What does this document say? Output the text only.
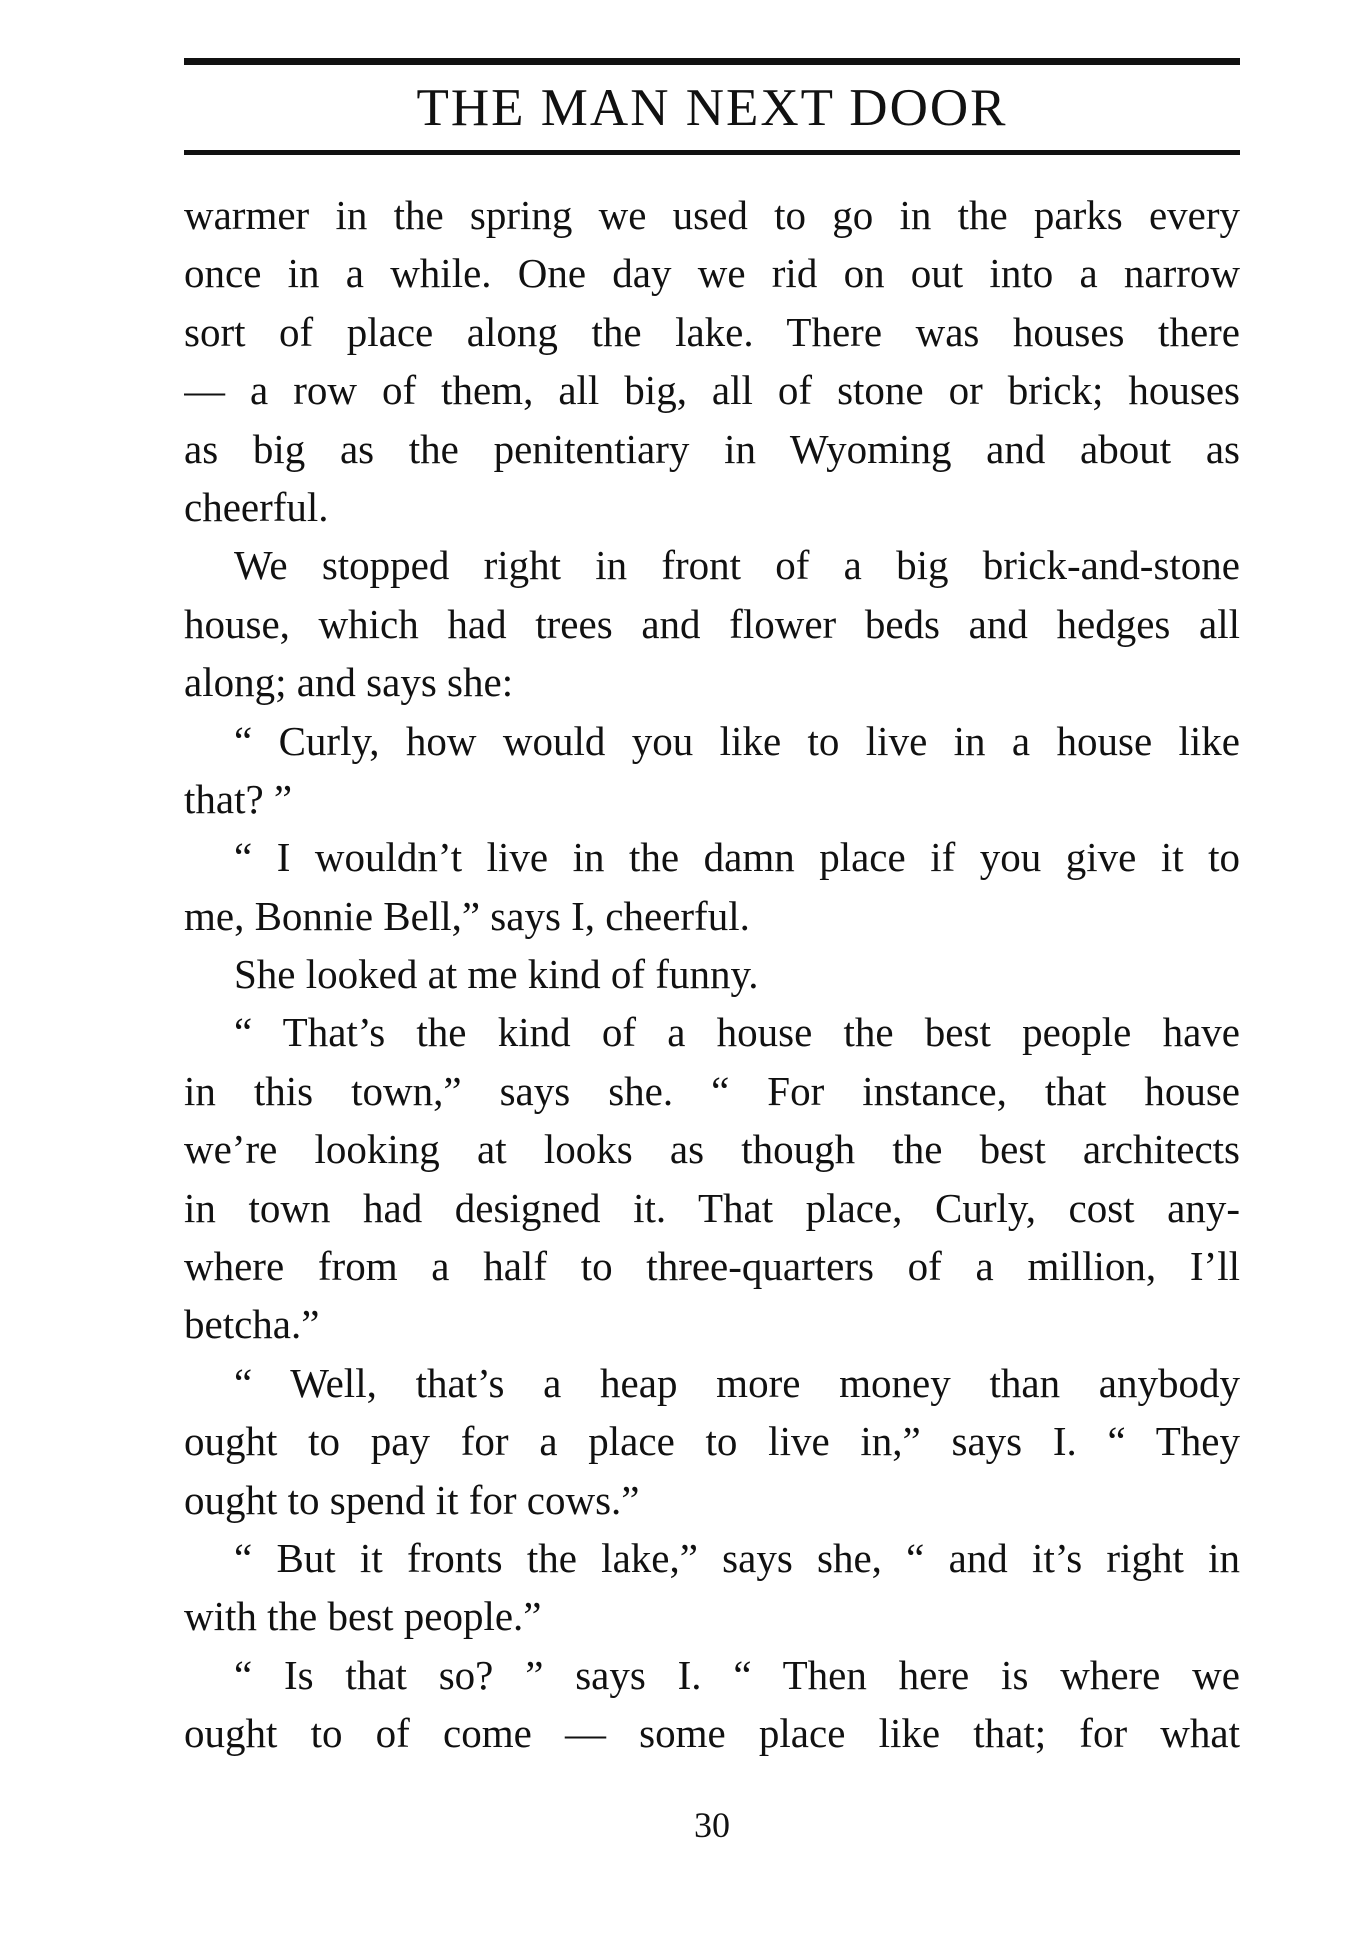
THE MAN NEXT DOOR
warmer in the spring we used to go in the parks every
once in a while. One day we rid on out into a narrow
sort of place along the lake. There was houses there
— a row of them, all big, all of stone or brick; houses
as big as the penitentiary in Wyoming and about as
cheerful.
We stopped right in front of a big brick-and-stone
house, which had trees and flower beds and hedges all
along; and says she:
“ Curly, how would you like to live in a house like
that? ”
“ I wouldn’t live in the damn place if you give it to
me, Bonnie Bell,” says I, cheerful.
She looked at me kind of funny.
“ That’s the kind of a house the best people have
in this town,” says she. “ For instance, that house
we’re looking at looks as though the best architects
in town had designed it. That place, Curly, cost any-
where from a half to three-quarters of a million, I’ll
betcha.”
“ Well, that’s a heap more money than anybody
ought to pay for a place to live in,” says I. “ They
ought to spend it for cows.”
“ But it fronts the lake,” says she, “ and it’s right in
with the best people.”
“ Is that so? ” says I. “ Then here is where we
ought to of come — some place like that; for what
30
